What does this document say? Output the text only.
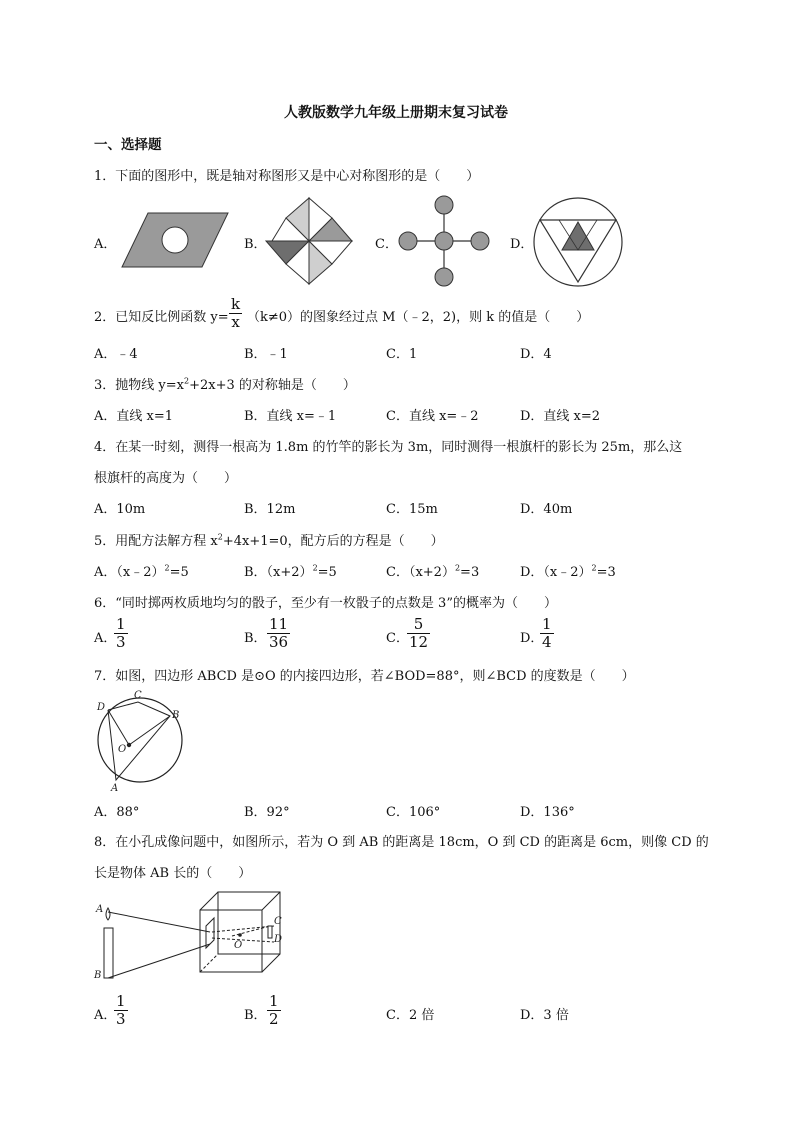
人教版数学九年级上册期末复习试卷
一、选择题
1．下面的图形中，既是轴对称图形又是中心对称图形的是（　　）
A．	B．	C．	D．
2．已知反比例函数 y=
k
x （k≠0）的图象经过点 M（﹣2，2)，则 k 的值是（　　）
A．﹣4	B．﹣1	C．1	D．4
3．抛物线 $y=x^2+2x+3$ 的对称轴是（　　）
A．直线 x=1	B．直线 x=﹣1	C．直线 x=﹣2	D．直线 x=2
4．在某一时刻，测得一根高为 1.8m 的竹竿的影长为 3m，同时测得一根旗杆的影长为 25m，那么这
根旗杆的高度为（　　）
A．10m	B．12m	C．15m	D．40m
5．用配方法解方程 $x^2+4x+1=0$，配方后的方程是（　　）
A．（x﹣2）$^2$=5	B．$(x+2)^2=5$	C．$(x+2)^2=3$	D．（x﹣2）$^2$=3
6．“同时掷两枚质地均匀的骰子，至少有一枚骰子的点数是 3”的概率为（　　）
A．
1
3	B．
11
36	C．
5
12	D．
1
4
7．如图，四边形 ABCD 是⊙O 的内接四边形，若∠BOD=88°，则∠BCD 的度数是（　　）
D
C
B
O
A
A．88°	B．92°	C．106°	D．136°
8．在小孔成像问题中，如图所示，若为 O 到 AB 的距离是 18cm，O 到 CD 的距离是 6cm，则像 CD 的
长是物体 AB 长的（　　）
A
B
O
C
D
A．
1
3	B．
1
2	C．2 倍	D．3 倍
